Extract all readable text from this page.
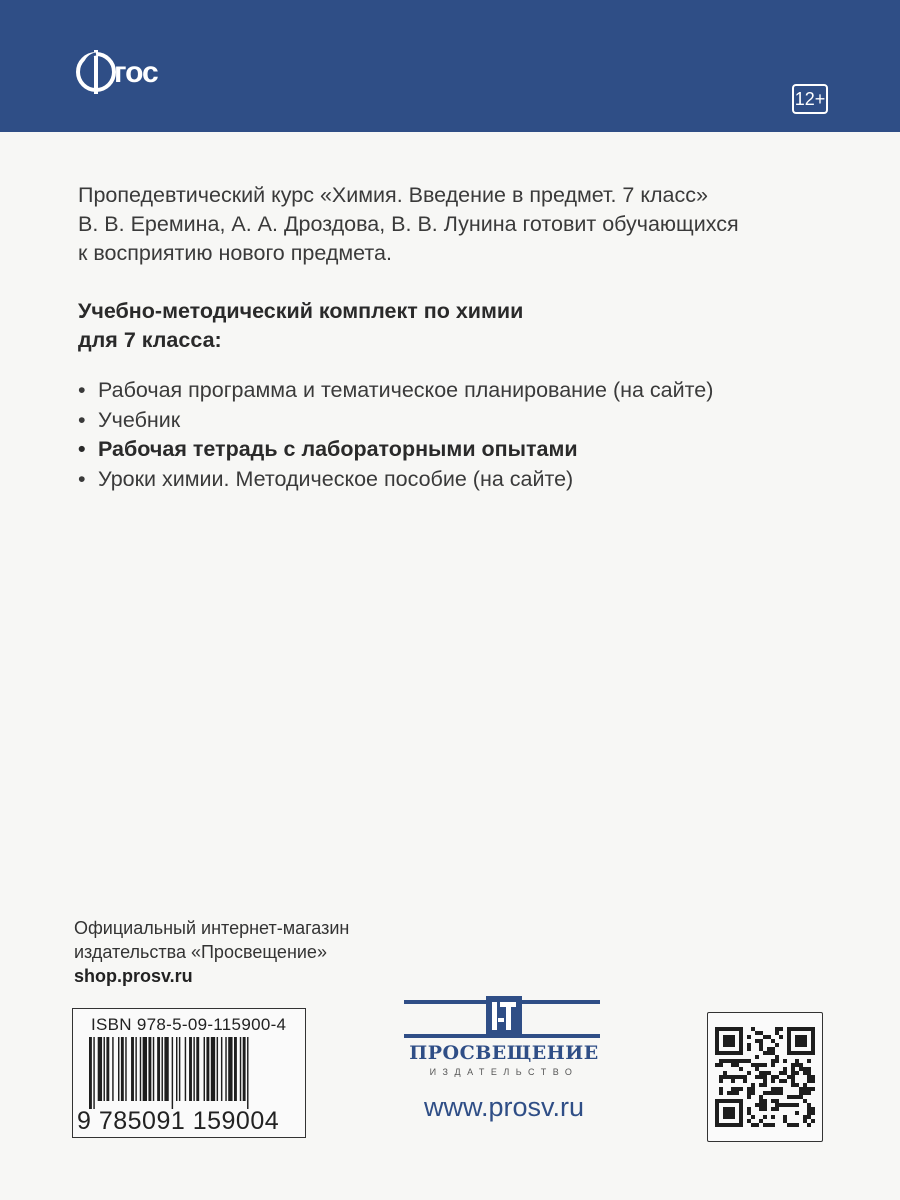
гос
12+

Пропедевтический курс «Химия. Введение в предмет. 7 класс»

В. В. Еремина, А. А. Дроздова, В. В. Лунина готовит обучающихся

к восприятию нового предмета.

Учебно-методический комплект по химии

для 7 класса:

• Рабочая программа и тематическое планирование (на сайте)
• Учебник
• Рабочая тетрадь с лабораторными опытами
• Уроки химии. Методическое пособие (на сайте)

Официальный интернет-магазин

издательства «Просвещение»

shop.prosv.ru

ISBN 978-5-09-115900-4
9 785091 159004
ПРОСВЕЩЕНИЕ
ИЗДАТЕЛЬСТВО
www.prosv.ru
